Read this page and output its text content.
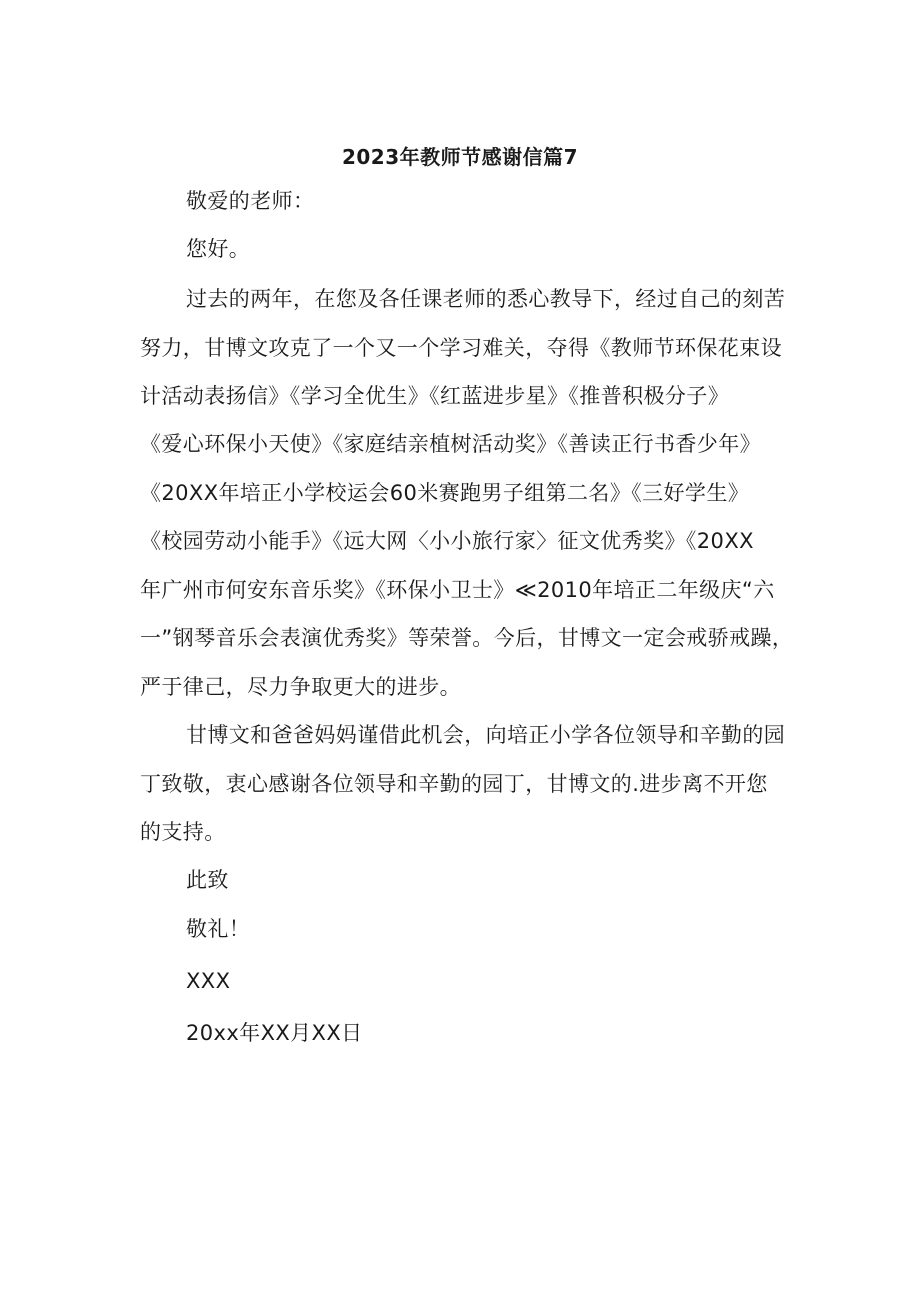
2023年教师节感谢信篇7
敬爱的老师：
您好。
过去的两年，在您及各任课老师的悉心教导下，经过自己的刻苦
努力，甘博文攻克了一个又一个学习难关，夺得《教师节环保花束设
计活动表扬信》《学习全优生》《红蓝进步星》《推普积极分子》
《爱心环保小天使》《家庭结亲植树活动奖》《善读正行书香少年》
《20XX年培正小学校运会60米赛跑男子组第二名》《三好学生》
《校园劳动小能手》《远大网〈小小旅行家〉征文优秀奖》《20XX
年广州市何安东音乐奖》《环保小卫士》≪2010年培正二年级庆“六
一”钢琴音乐会表演优秀奖》等荣誉。今后，甘博文一定会戒骄戒躁，
严于律己，尽力争取更大的进步。
甘博文和爸爸妈妈谨借此机会，向培正小学各位领导和辛勤的园
丁致敬，衷心感谢各位领导和辛勤的园丁，甘博文的.进步离不开您
的支持。
此致
敬礼！
XXX
20xx年XX月XX日
